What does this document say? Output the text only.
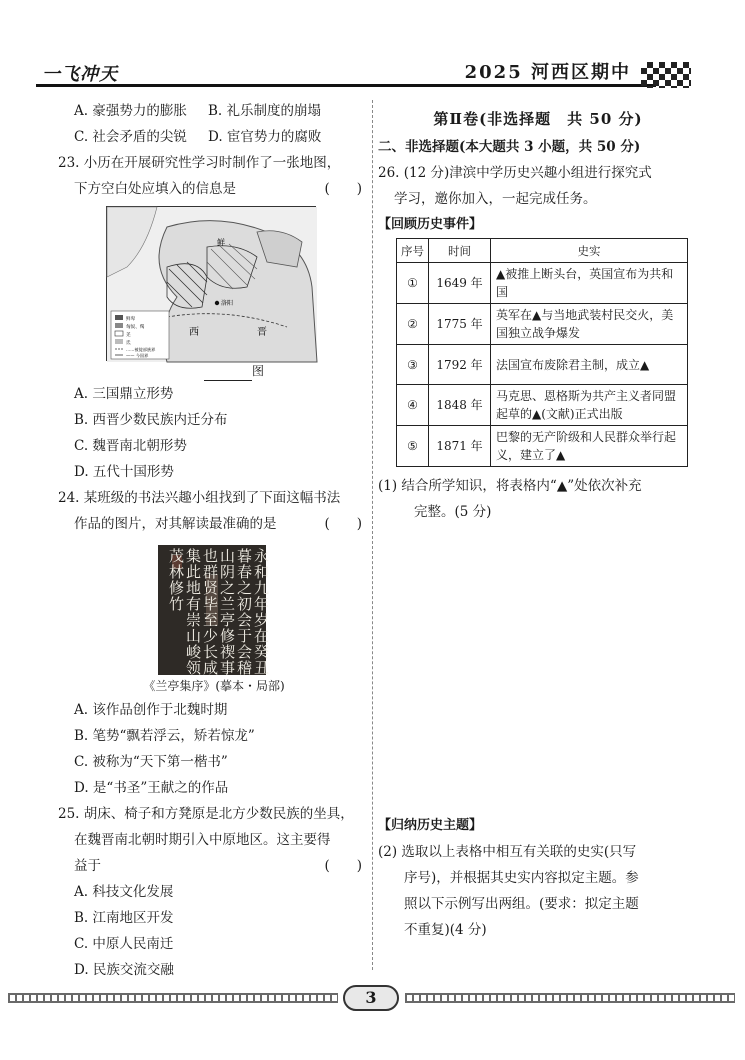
一飞冲天	2025 河西区期中
A. 豪强势力的膨胀	B. 礼乐制度的崩塌
C. 社会矛盾的尖锐	D. 宦官势力的腐败
23. 小历在开展研究性学习时制作了一张地图，
下方空白处应填入的信息是	(　　)
鲜卑
匈奴、羯
羌
氐
……被徙部族界
—— 今国界
鲜
西
洛阳
晋
图
A. 三国鼎立形势
B. 西晋少数民族内迁分布
C. 魏晋南北朝形势
D. 五代十国形势
24. 某班级的书法兴趣小组找到了下面这幅书法
作品的图片，对其解读最准确的是	(　　)
永和九年岁在癸丑暮春之初会于会稽山阴之兰亭修禊事也群贤毕至少长咸集此地有崇山峻领茂林修竹
《兰亭集序》(摹本・局部)
A. 该作品创作于北魏时期
B. 笔势“飘若浮云，矫若惊龙”
C. 被称为“天下第一楷书”
D. 是“书圣”王献之的作品
25. 胡床、椅子和方凳原是北方少数民族的坐具，
在魏晋南北朝时期引入中原地区。这主要得
益于	(　　)
A. 科技文化发展
B. 江南地区开发
C. 中原人民南迁
D. 民族交流交融
第Ⅱ卷(非选择题　共 50 分)
二、非选择题(本大题共 3 小题，共 50 分)
26. (12 分)津滨中学历史兴趣小组进行探究式
学习，邀你加入，一起完成任务。
【回顾历史事件】
序号	时间	史实
①	1649 年	▲被推上断头台，英国宣布为共和国
②	1775 年	英军在▲与当地武装村民交火，美国独立战争爆发
③	1792 年	法国宣布废除君主制，成立▲
④	1848 年	马克思、恩格斯为共产主义者同盟起草的▲(文献)正式出版
⑤	1871 年	巴黎的无产阶级和人民群众举行起义，建立了▲
(1) 结合所学知识，将表格内“▲”处依次补充
完整。(5 分)
【归纳历史主题】
(2) 选取以上表格中相互有关联的史实(只写
序号)，并根据其史实内容拟定主题。参
照以下示例写出两组。(要求：拟定主题
不重复)(4 分)
3
